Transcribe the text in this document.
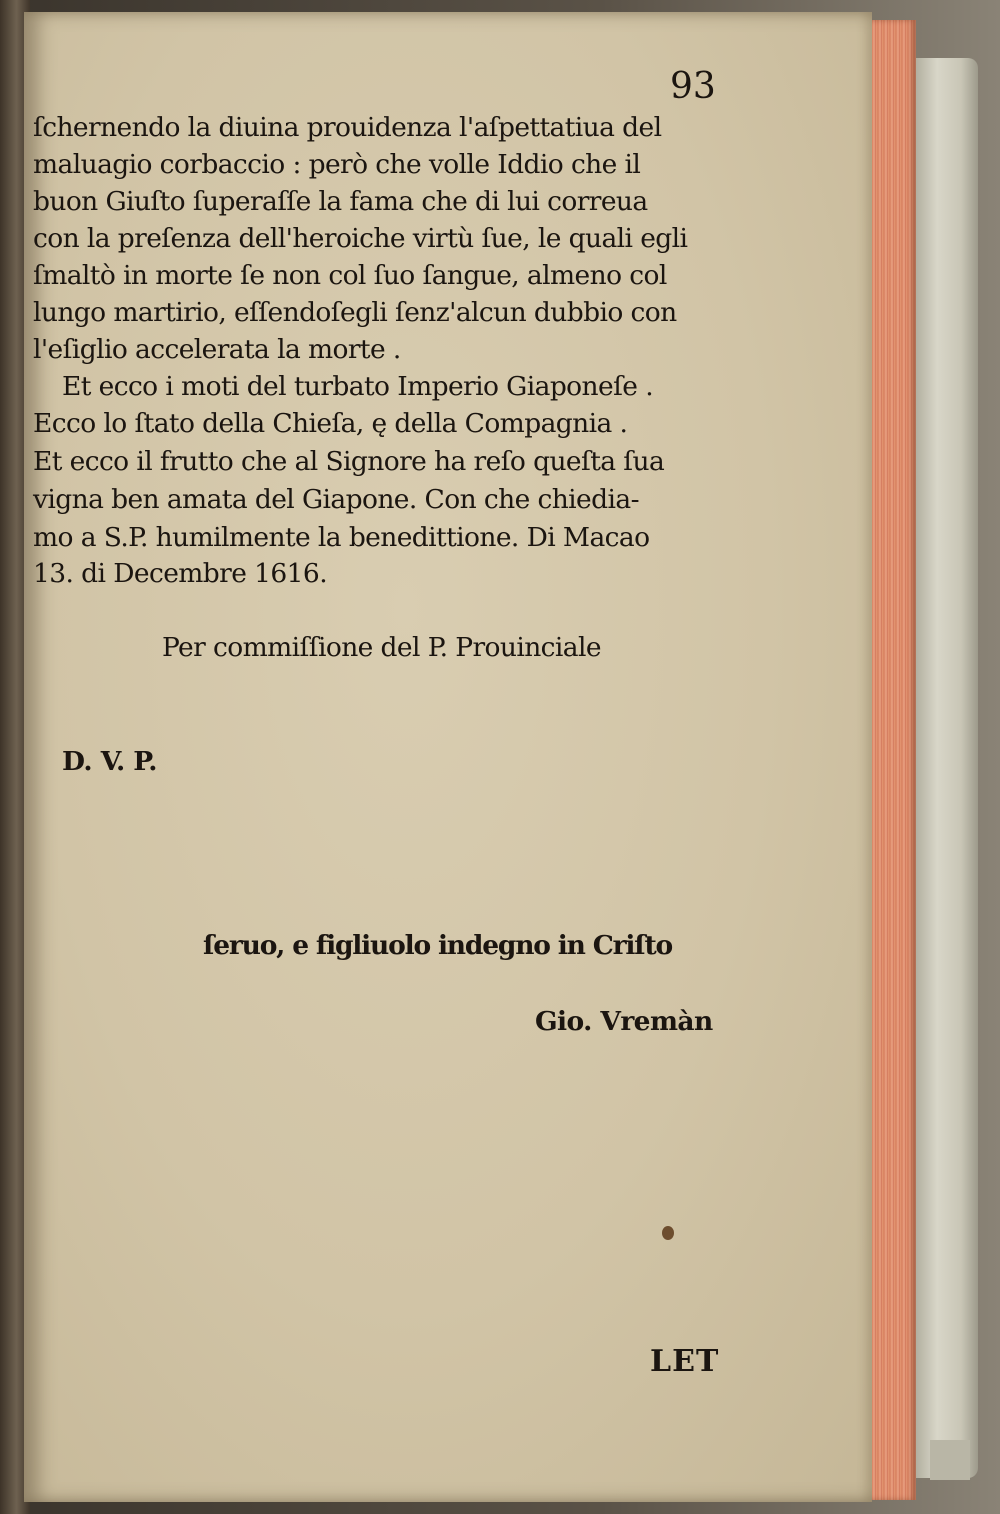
93
ſchernendo la diuina prouidenza l'aſpettatiua del
maluagio corbaccio : però che volle Iddio che il
buon Giuſto ſuperaſſe la fama che di lui correua
con la preſenza dell'heroiche virtù ſue, le quali egli
ſmaltò in morte ſe non col ſuo ſangue, almeno col
lungo martirio, eſſendoſegli ſenz'alcun dubbio con
l'eſiglio accelerata la morte .
Et ecco i moti del turbato Imperio Giaponeſe .
Ecco lo ſtato della Chieſa, ę della Compagnia .
Et ecco il frutto che al Signore ha reſo queſta ſua
vigna ben amata del Giapone. Con che chiedia-
mo a S.P. humilmente la benedittione. Di Macao
13. di Decembre 1616.
Per commiſſione del P. Prouinciale
D. V. P.
ſeruo, e figliuolo indegno in Criſto
Gio. Vremàn
LET
